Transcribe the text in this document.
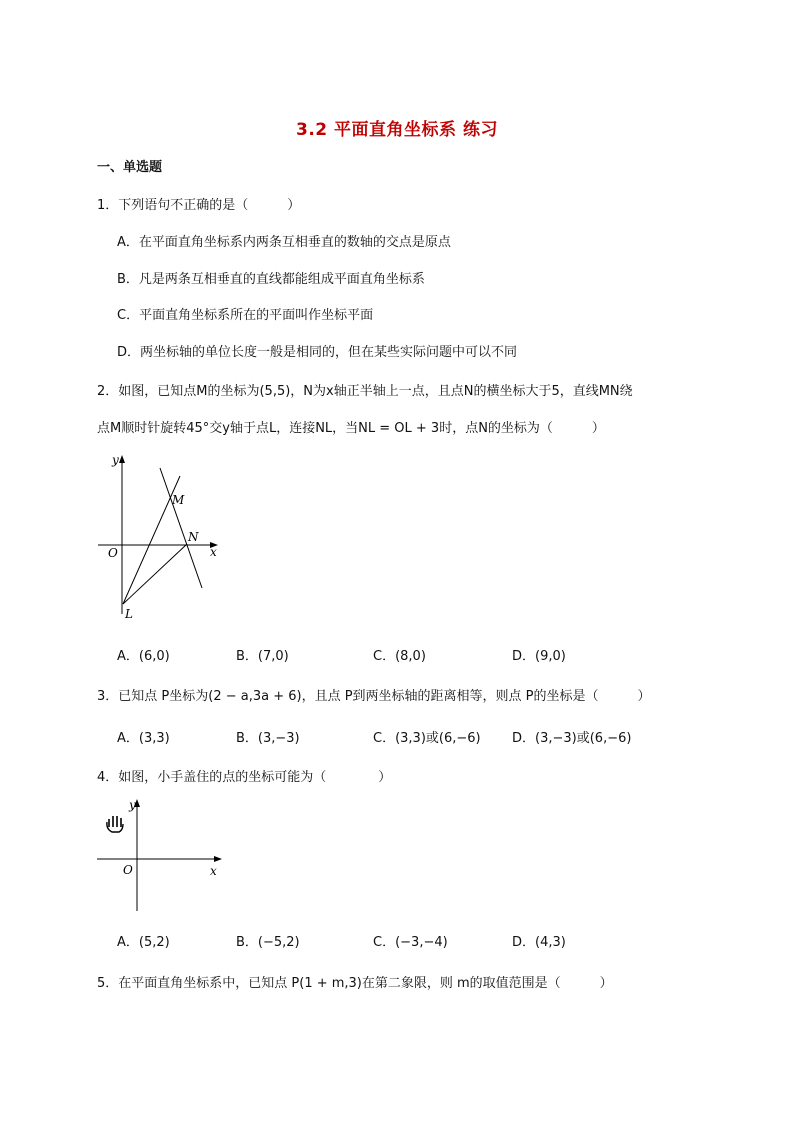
3.2 平面直角坐标系 练习
一、单选题
1．下列语句不正确的是（　　　）
A．在平面直角坐标系内两条互相垂直的数轴的交点是原点
B．凡是两条互相垂直的直线都能组成平面直角坐标系
C．平面直角坐标系所在的平面叫作坐标平面
D．两坐标轴的单位长度一般是相同的，但在某些实际问题中可以不同
2．如图，已知点M的坐标为(5,5)，N为x轴正半轴上一点，且点N的横坐标大于5，直线MN绕
点M顺时针旋转45°交y轴于点L，连接NL，当NL = OL + 3时，点N的坐标为（　　　）
y
x
O
M
N
L
A．(6,0)	B．(7,0)	C．(8,0)	D．(9,0)
3．已知点 P坐标为(2 − a,3a + 6)，且点 P到两坐标轴的距离相等，则点 P的坐标是（　　　）
A．(3,3)	B．(3,−3)	C．(3,3)或(6,−6) D．(3,−3)或(6,−6)
4．如图，小手盖住的点的坐标可能为（　　　　）
y
x
O
A．(5,2)	B．(−5,2)	C．(−3,−4)	D．(4,3)
5．在平面直角坐标系中，已知点 P(1 + m,3)在第二象限，则 m的取值范围是（　　　）
